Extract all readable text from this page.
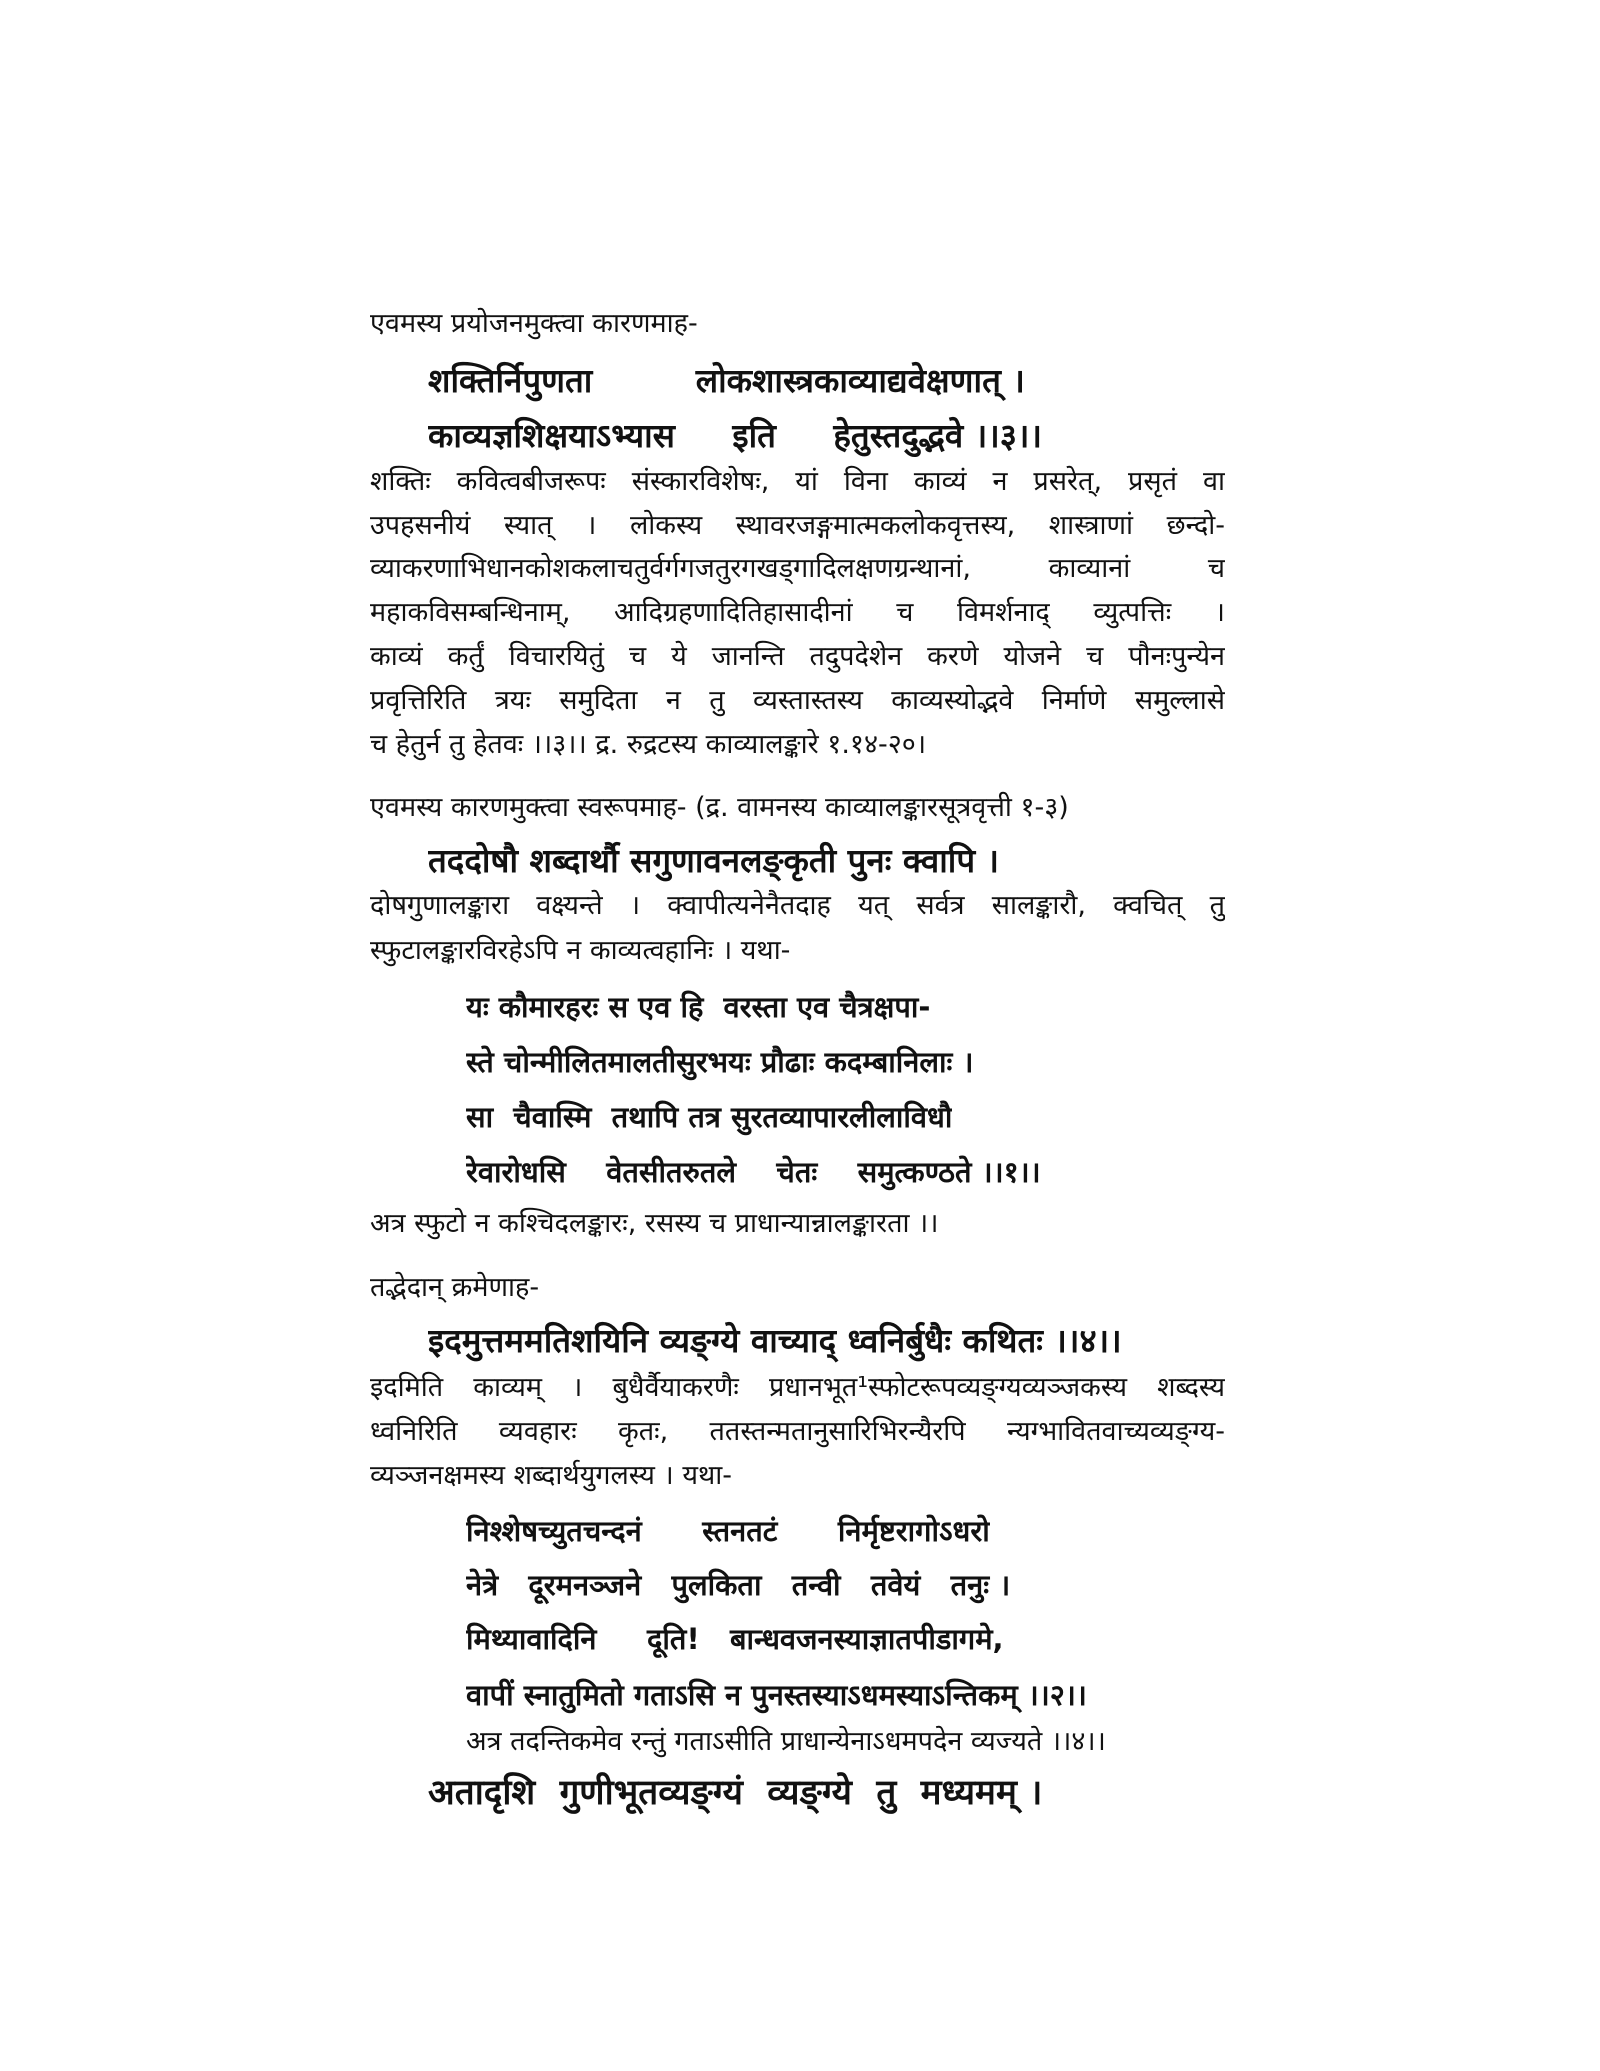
एवमस्य प्रयोजनमुक्त्वा कारणमाह-
शक्तिर्निपुणता         लोकशास्त्रकाव्याद्यवेक्षणात् ।
काव्यज्ञशिक्षयाऽभ्यास     इति     हेतुस्तदुद्भवे ।।३।।
शक्तिः कवित्वबीजरूपः संस्कारविशेषः, यां विना काव्यं न प्रसरेत्, प्रसृतं वा
उपहसनीयं स्यात् । लोकस्य स्थावरजङ्गमात्मकलोकवृत्तस्य, शास्त्राणां छन्दो-
व्याकरणाभिधानकोशकलाचतुर्वर्गगजतुरगखड्गादिलक्षणग्रन्थानां, काव्यानां च
महाकविसम्बन्धिनाम्, आदिग्रहणादितिहासादीनां च विमर्शनाद् व्युत्पत्तिः ।
काव्यं कर्तुं विचारयितुं च ये जानन्ति तदुपदेशेन करणे योजने च पौनःपुन्येन
प्रवृत्तिरिति त्रयः समुदिता न तु व्यस्तास्तस्य काव्यस्योद्भवे निर्माणे समुल्लासे
च हेतुर्न तु हेतवः ।।३।। द्र. रुद्रटस्य काव्यालङ्कारे १.१४-२०।
एवमस्य कारणमुक्त्वा स्वरूपमाह- (द्र. वामनस्य काव्यालङ्कारसूत्रवृत्ती १-३)
तददोषौ शब्दार्थौ सगुणावनलङ्कृती पुनः क्वापि ।
दोषगुणालङ्कारा वक्ष्यन्ते । क्वापीत्यनेनैतदाह यत् सर्वत्र सालङ्कारौ, क्वचित् तु
स्फुटालङ्कारविरहेऽपि न काव्यत्वहानिः । यथा-
यः कौमारहरः स एव हि  वरस्ता एव चैत्रक्षपा-
स्ते चोन्मीलितमालतीसुरभयः प्रौढाः कदम्बानिलाः ।
सा  चैवास्मि  तथापि तत्र सुरतव्यापारलीलाविधौ
रेवारोधसि    वेतसीतरुतले    चेतः    समुत्कण्ठते ।।१।।
अत्र स्फुटो न कश्चिदलङ्कारः, रसस्य च प्राधान्यान्नालङ्कारता ।।
तद्भेदान् क्रमेणाह-
इदमुत्तममतिशयिनि व्यङ्ग्ये वाच्याद् ध्वनिर्बुधैः कथितः ।।४।।
इदमिति काव्यम् । बुधैर्वैयाकरणैः प्रधानभूत¹स्फोटरूपव्यङ्ग्यव्यञ्जकस्य शब्दस्य
ध्वनिरिति व्यवहारः कृतः, ततस्तन्मतानुसारिभिरन्यैरपि न्यग्भावितवाच्यव्यङ्ग्य-
व्यञ्जनक्षमस्य शब्दार्थयुगलस्य । यथा-
निश्शेषच्युतचन्दनं      स्तनतटं      निर्मृष्टरागोऽधरो
नेत्रे   दूरमनञ्जने   पुलकिता   तन्वी   तवेयं   तनुः ।
मिथ्यावादिनि     दूति!   बान्धवजनस्याज्ञातपीडागमे,
वापीं स्नातुमितो गताऽसि न पुनस्तस्याऽधमस्याऽन्तिकम् ।।२।।
अत्र तदन्तिकमेव रन्तुं गताऽसीति प्राधान्येनाऽधमपदेन व्यज्यते ।।४।।
अतादृशि  गुणीभूतव्यङ्ग्यं  व्यङ्ग्ये  तु  मध्यमम् ।
